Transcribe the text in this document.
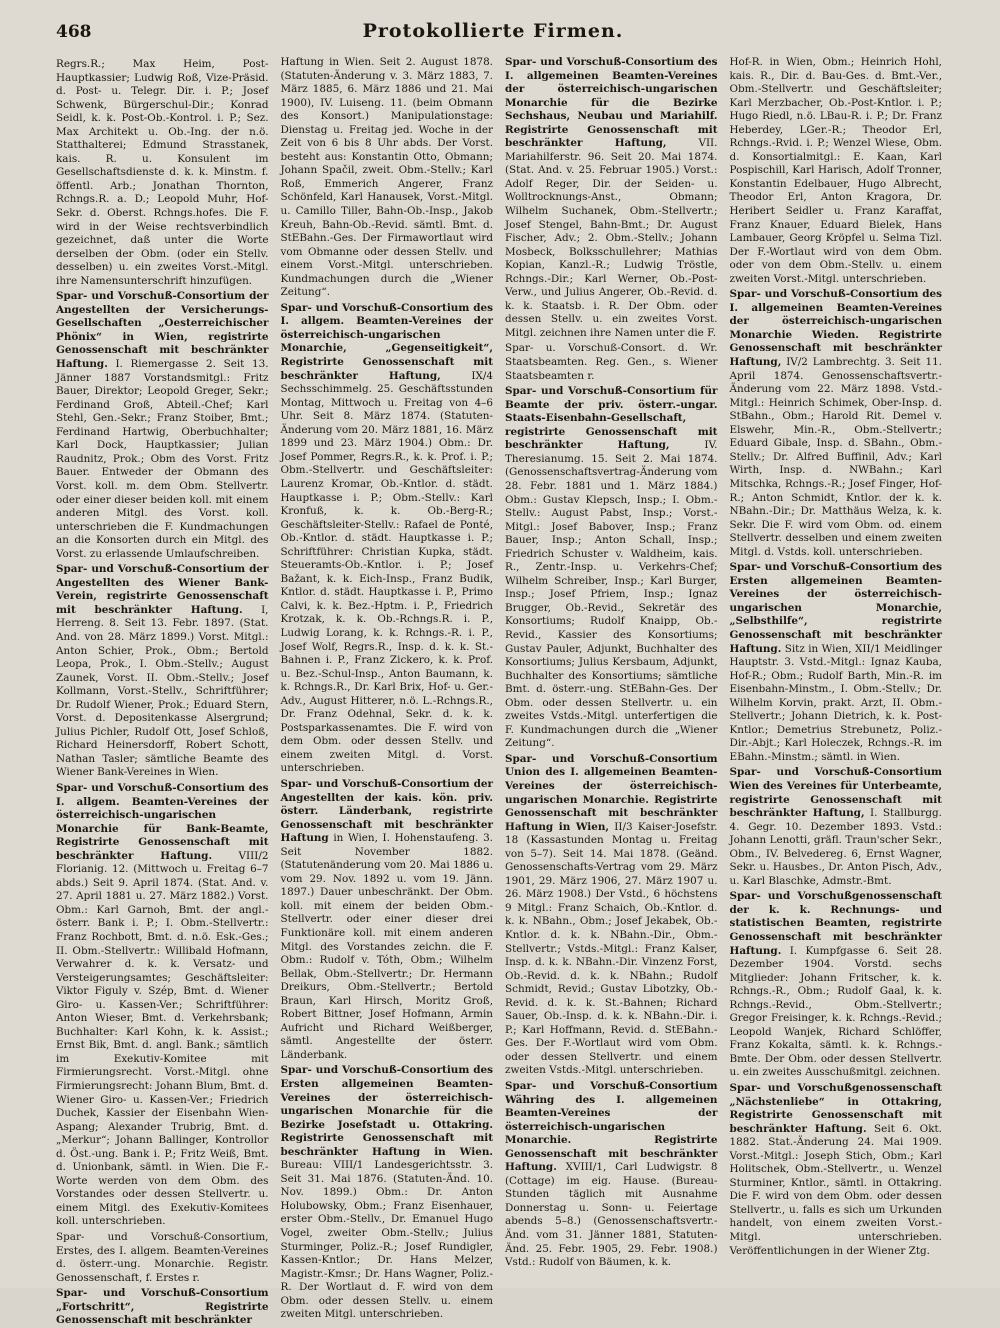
468	Protokollierte Firmen.

Regrs.R.; Max Heim, Post-Hauptkassier; Ludwig Roß, Vize-Präsid. d. Post- u. Telegr. Dir. i. P.; Josef Schwenk, Bürgerschul-Dir.; Konrad Seidl, k. k. Post-Ob.-Kontrol. i. P.; Sez. Max Architekt u. Ob.-Ing. der n.ö. Statthalterei; Edmund Strasstanek, kais. R. u. Konsulent im Gesellschaftsdienste d. k. k. Minstm. f. öffentl. Arb.; Jonathan Thornton, Rchngs.R. a. D.; Leopold Muhr, Hof-Sekr. d. Oberst. Rchngs.hofes. Die F. wird in der Weise rechtsverbindlich gezeichnet, daß unter die Worte derselben der Obm. (oder ein Stellv. desselben) u. ein zweites Vorst.-Mitgl. ihre Namensunterschrift hinzufügen.

Spar- und Vorschuß-Consortium der Angestellten der Versicherungs-Gesellschaften „Oesterreichischer Phönix“ in Wien, registrirte Genossenschaft mit beschränkter Haftung. I. Riemergasse 2. Seit 13. Jänner 1887 Vorstandsmitgl.: Fritz Bauer, Direktor; Leopold Greger, Sekr.; Ferdinand Groß, Abteil.-Chef; Karl Stehl, Gen.-Sekr.; Franz Stoiber, Bmt.; Ferdinand Hartwig, Oberbuchhalter; Karl Dock, Hauptkassier; Julian Raudnitz, Prok.; Obm des Vorst. Fritz Bauer. Entweder der Obmann des Vorst. koll. m. dem Obm. Stellvertr. oder einer dieser beiden koll. mit einem anderen Mitgl. des Vorst. koll. unterschrieben die F. Kundmachungen an die Konsorten durch ein Mitgl. des Vorst. zu erlassende Umlaufschreiben.

Spar- und Vorschuß-Consortium der Angestellten des Wiener Bank-Verein, registrirte Genossenschaft mit beschränkter Haftung. I, Herreng. 8. Seit 13. Febr. 1897. (Stat. And. von 28. März 1899.) Vorst. Mitgl.: Anton Schier, Prok., Obm.; Bertold Leopa, Prok., I. Obm.-Stellv.; August Zaunek, Vorst. II. Obm.-Stellv.; Josef Kollmann, Vorst.-Stellv., Schriftführer; Dr. Rudolf Wiener, Prok.; Eduard Stern, Vorst. d. Depositenkasse Alsergrund; Julius Pichler, Rudolf Ott, Josef Schloß, Richard Heinersdorff, Robert Schott, Nathan Tasler; sämtliche Beamte des Wiener Bank-Vereines in Wien.

Spar- und Vorschuß-Consortium des I. allgem. Beamten-Vereines der österreichisch-ungarischen Monarchie für Bank-Beamte, Registrirte Genossenschaft mit beschränkter Haftung.	VIII/2 Florianig. 12. (Mittwoch u. Freitag 6–7 abds.) Seit 9. April 1874. (Stat. And. v. 27. April 1881 u. 27. März 1882.) Vorst. Obm.: Karl Garnoh, Bmt. der angl.-österr. Bank i. P.; I. Obm.-Stellvertr.: Franz Rochbott, Bmt. d. n.ö. Esk.-Ges.; II. Obm.-Stellvertr.: Willibald Hofmann, Verwahrer d. k. k. Versatz- und Versteigerungsamtes; Geschäftsleiter: Viktor Figuly v. Szép, Bmt. d. Wiener Giro- u. Kassen-Ver.; Schriftführer: Anton Wieser, Bmt. d. Verkehrsbank; Buchhalter: Karl Kohn, k. k. Assist.; Ernst Bik, Bmt. d. angl. Bank.; sämtlich im Exekutiv-Komitee mit Firmierungsrecht. Vorst.-Mitgl. ohne Firmierungsrecht: Johann Blum, Bmt. d. Wiener Giro- u. Kassen-Ver.; Friedrich Duchek, Kassier der Eisenbahn Wien-Aspang; Alexander Trubrig, Bmt. d. „Merkur“; Johann Ballinger, Kontrollor d. Öst.-ung. Bank i. P.; Fritz Weiß, Bmt. d. Unionbank, sämtl. in Wien. Die F.-Worte werden von dem Obm. des Vorstandes oder dessen Stellvertr. u. einem Mitgl. des Exekutiv-Komitees koll. unterschrieben.

Spar- und Vorschuß-Consortium, Erstes, des I. allgem. Beamten-Vereines d. österr.-ung. Monarchie. Registr. Genossenschaft, f. Erstes r.

Spar- und Vorschuß-Consortium „Fortschritt“, Registrirte Genossenschaft mit beschränkter

Haftung in Wien. Seit 2. August 1878. (Statuten-Änderung v. 3. März 1883, 7. März 1885, 6. März 1886 und 21. Mai 1900), IV. Luiseng. 11. (beim Obmann des Konsort.) Manipulationstage: Dienstag u. Freitag jed. Woche in der Zeit von 6 bis 8 Uhr abds. Der Vorst. besteht aus: Konstantin Otto, Obmann; Johann Spačil, zweit. Obm.-Stellv.; Karl Roß, Emmerich Angerer, Franz Schönfeld, Karl Hanausek, Vorst.-Mitgl. u. Camillo Tiller, Bahn-Ob.-Insp., Jakob Kreuh, Bahn-Ob.-Revid. sämtl. Bmt. d. StEBahn.-Ges. Der Firmawortlaut wird vom Obmanne oder dessen Stellv. und einem Vorst.-Mitgl. unterschrieben. Kundmachungen durch die „Wiener Zeitung“.

Spar- und Vorschuß-Consortium des I. allgem. Beamten-Vereines der österreichisch-ungarischen Monarchie, „Gegenseitigkeit“, Registrirte Genossenschaft mit beschränkter Haftung,	IX/4 Sechsschimmelg. 25. Geschäftsstunden Montag, Mittwoch u. Freitag von 4–6 Uhr. Seit 8. März 1874. (Statuten-Änderung vom 20. März 1881, 16. März 1899 und 23. März 1904.) Obm.: Dr. Josef Pommer, Regrs.R., k. k. Prof. i. P.; Obm.-Stellvertr. und Geschäftsleiter: Laurenz Kromar, Ob.-Kntlor. d. städt. Hauptkasse i. P.; Obm.-Stellv.: Karl Kronfuß, k. k. Ob.-Berg-R.; Geschäftsleiter-Stellv.: Rafael de Ponté, Ob.-Kntlor. d. städt. Hauptkasse i. P.; Schriftführer: Christian Kupka, städt. Steueramts-Ob.-Kntlor. i. P.; Josef Bažant, k. k. Eich-Insp., Franz Budik, Kntlor. d. städt. Hauptkasse i. P., Primo Calvi, k. k. Bez.-Hptm. i. P., Friedrich Krotzak, k. k. Ob.-Rchngs.R. i. P., Ludwig Lorang, k. k. Rchngs.-R. i. P., Josef Wolf, Regrs.R., Insp. d. k. k. St.-Bahnen i. P., Franz Zickero, k. k. Prof. u. Bez.-Schul-Insp., Anton Baumann, k. k. Rchngs.R., Dr. Karl Brix, Hof- u. Ger.-Adv., August Hitterer, n.ö. L.-Rchngs.R., Dr. Franz Odehnal, Sekr. d. k. k. Postsparkassenamtes. Die F. wird von dem Obm. oder dessen Stellv. und einem zweiten Mitgl. d. Vorst. unterschrieben.

Spar- und Vorschuß-Consortium der Angestellten der kais. kön. priv. österr. Länderbank, registrirte Genossenschaft mit beschränkter Haftung in Wien, I. Hohenstaufeng. 3. Seit November 1882. (Statutenänderung vom 20. Mai 1886 u. vom 29. Nov. 1892 u. vom 19. Jänn. 1897.) Dauer unbeschränkt. Der Obm. koll. mit einem der beiden Obm.-Stellvertr. oder einer dieser drei Funktionäre koll. mit einem anderen Mitgl. des Vorstandes zeichn. die F. Obm.: Rudolf v. Tóth, Obm.; Wilhelm Bellak, Obm.-Stellvertr.; Dr. Hermann Dreikurs, Obm.-Stellvertr.; Bertold Braun, Karl Hirsch, Moritz Groß, Robert Bittner, Josef Hofmann, Armin Aufricht und Richard Weißberger, sämtl. Angestellte der österr. Länderbank.

Spar- und Vorschuß-Consortium des Ersten allgemeinen Beamten-Vereines der österreichisch-ungarischen Monarchie für die Bezirke Josefstadt u. Ottakring. Registrirte Genossenschaft mit beschränkter Haftung in Wien. Bureau: VIII/1 Landesgerichtsstr. 3. Seit 31. Mai 1876. (Statuten-Änd. 10. Nov. 1899.) Obm.: Dr. Anton Holubowsky, Obm.; Franz Eisenhauer, erster Obm.-Stellv., Dr. Emanuel Hugo Vogel, zweiter Obm.-Stellv.; Julius Sturminger, Poliz.-R.; Josef Rundigler, Kassen-Kntlor.; Dr. Hans Melzer, Magistr.-Kmsr.; Dr. Hans Wagner, Poliz.-R. Der Wortlaut d. F. wird von dem Obm. oder dessen Stellv. u. einem zweiten Mitgl. unterschrieben.

Spar- und Vorschuß-Consortium des I. allgemeinen Beamten-Vereines der österreichisch-ungarischen Monarchie für die Bezirke Sechshaus, Neubau und Mariahilf. Registrirte Genossenschaft mit beschränkter Haftung,	VII. Mariahilferstr. 96. Seit 20. Mai 1874. (Stat. And. v. 25. Februar 1905.) Vorst.: Adolf Reger, Dir. der Seiden- u. Wolltrocknungs-Anst., Obmann; Wilhelm Suchanek, Obm.-Stellvertr.; Josef Stengel, Bahn-Bmt.; Dr. August Fischer, Adv.; 2. Obm.-Stellv.; Johann Mosbeck, Bolksschullehrer; Mathias Kopian, Kanzl.-R.; Ludwig Tröstle, Rchngs.-Dir.; Karl Werner, Ob.-Post-Verw., und Julius Angerer, Ob.-Revid. d. k. k. Staatsb. i. R. Der Obm. oder dessen Stellv. u. ein zweites Vorst. Mitgl. zeichnen ihre Namen unter die F.

Spar- u. Vorschuß-Consort. d. Wr. Staatsbeamten. Reg. Gen., s. Wiener Staatsbeamten r.

Spar- und Vorschuß-Consortium für Beamte der priv. österr.-ungar. Staats-Eisenbahn-Gesellschaft, registrirte Genossenschaft mit beschränkter Haftung,	IV. Theresianumg. 15. Seit 2. Mai 1874. (Genossenschaftsvertrag-Änderung vom 28. Febr. 1881 und 1. März 1884.) Obm.: Gustav Klepsch, Insp.; I. Obm.-Stellv.: August Pabst, Insp.; Vorst.-Mitgl.: Josef Babover, Insp.; Franz Bauer, Insp.; Anton Schall, Insp.; Friedrich Schuster v. Waldheim, kais. R., Zentr.-Insp. u. Verkehrs-Chef; Wilhelm Schreiber, Insp.; Karl Burger, Insp.; Josef Pfriem, Insp.; Ignaz Brugger, Ob.-Revid., Sekretär des Konsortiums; Rudolf Knaipp, Ob.-Revid., Kassier des Konsortiums; Gustav Pauler, Adjunkt, Buchhalter des Konsortiums; Julius Kersbaum, Adjunkt, Buchhalter des Konsortiums; sämtliche Bmt. d. österr.-ung. StEBahn-Ges. Der Obm. oder dessen Stellvertr. u. ein zweites Vstds.-Mitgl. unterfertigen die F. Kundmachungen durch die „Wiener Zeitung“.

Spar- und Vorschuß-Consortium Union des I. allgemeinen Beamten-Vereines der österreichisch-ungarischen Monarchie. Registrirte Genossenschaft mit beschränkter Haftung in Wien, II/3 Kaiser-Josefstr. 18 (Kassastunden Montag u. Freitag von 5–7). Seit 14. Mai 1878. (Geänd. Genossenschafts-Vertrag vom 29. März 1901, 29. März 1906, 27. März 1907 u. 26. März 1908.) Der Vstd., 6 höchstens 9 Mitgl.: Franz Schaich, Ob.-Kntlor. d. k. k. NBahn., Obm.; Josef Jekabek, Ob.-Kntlor. d. k. k. NBahn.-Dir., Obm.-Stellvertr.; Vstds.-Mitgl.: Franz Kalser, Insp. d. k. k. NBahn.-Dir. Vinzenz Forst, Ob.-Revid. d. k. k. NBahn.; Rudolf Schmidt, Revid.; Gustav Libotzky, Ob.-Revid. d. k. k. St.-Bahnen; Richard Sauer, Ob.-Insp. d. k. k. NBahn.-Dir. i. P.; Karl Hoffmann, Revid. d. StEBahn.-Ges. Der F.-Wortlaut wird vom Obm. oder dessen Stellvertr. und einem zweiten Vstds.-Mitgl. unterschrieben.

Spar- und Vorschuß-Consortium Währing des I. allgemeinen Beamten-Vereines der österreichisch-ungarischen Monarchie. Registrirte Genossenschaft mit beschränkter Haftung. XVIII/1, Carl Ludwigstr. 8 (Cottage) im eig. Hause. (Bureau-Stunden täglich mit Ausnahme Donnerstag u. Sonn- u. Feiertage abends 5–8.) (Genossenschaftsvertr.-Änd. vom 31. Jänner 1881, Statuten-Änd. 25. Febr. 1905, 29. Febr. 1908.) Vstd.: Rudolf von Bäumen, k. k.

Hof-R. in Wien, Obm.; Heinrich Hohl, kais. R., Dir. d. Bau-Ges. d. Bmt.-Ver., Obm.-Stellvertr. und Geschäftsleiter; Karl Merzbacher, Ob.-Post-Kntlor. i. P.; Hugo Riedl, n.ö. LBau-R. i. P.; Dr. Franz Heberdey, LGer.-R.; Theodor Erl, Rchngs.-Rvid. i. P.; Wenzel Wiese, Obm. d. Konsortialmitgl.: E. Kaan, Karl Pospischill, Karl Harisch, Adolf Tronner, Konstantin Edelbauer, Hugo Albrecht, Theodor Erl, Anton Kragora, Dr. Heribert Seidler u. Franz Karaffat, Franz Knauer, Eduard Bielek, Hans Lambauer, Georg Kröpfel u. Selma Tizl. Der F.-Wortlaut wird von dem Obm. oder von dem Obm.-Stellv. u. einem zweiten Vorst.-Mitgl. unterschrieben.

Spar- und Vorschuß-Consortium des I. allgemeinen Beamten-Vereines der österreichisch-ungarischen Monarchie Wieden. Registrirte Genossenschaft mit beschränkter Haftung, IV/2 Lambrechtg. 3. Seit 11. April 1874. Genossenschaftsvertr.-Änderung vom 22. März 1898. Vstd.-Mitgl.: Heinrich Schimek, Ober-Insp. d. StBahn., Obm.; Harold Rit. Demel v. Elswehr, Min.-R., Obm.-Stellvertr.; Eduard Gibale, Insp. d. SBahn., Obm.-Stellv.; Dr. Alfred Buffinil, Adv.; Karl Wirth, Insp. d. NWBahn.; Karl Mitschka, Rchngs.-R.; Josef Finger, Hof-R.; Anton Schmidt, Kntlor. der k. k. NBahn.-Dir.; Dr. Matthäus Welza, k. k. Sekr. Die F. wird vom Obm. od. einem Stellvertr. desselben und einem zweiten Mitgl. d. Vstds. koll. unterschrieben.

Spar- und Vorschuß-Consortium des Ersten allgemeinen Beamten-Vereines der österreichisch-ungarischen Monarchie, „Selbsthilfe“, registrirte Genossenschaft mit beschränkter Haftung. Sitz in Wien, XII/1 Meidlinger Hauptstr. 3. Vstd.-Mitgl.: Ignaz Kauba, Hof-R.; Obm.; Rudolf Barth, Min.-R. im Eisenbahn-Minstm., I. Obm.-Stellv.; Dr. Wilhelm Korvin, prakt. Arzt, II. Obm.-Stellvertr.; Johann Dietrich, k. k. Post-Kntlor.; Demetrius Strebunetz, Poliz.-Dir.-Abjt.; Karl Holeczek, Rchngs.-R. im EBahn.-Minstm.; sämtl. in Wien.

Spar- und Vorschuß-Consortium Wien des Vereines für Unterbeamte, registrirte Genossenschaft mit beschränkter Haftung, I. Stallburgg. 4. Gegr. 10. Dezember 1893. Vstd.: Johann Lenotti, gräfl. Traun'scher Sekr., Obm., IV. Belvedereg. 6, Ernst Wagner, Sekr. u. Hausbes., Dr. Anton Pisch, Adv., u. Karl Blaschke, Admstr.-Bmt.

Spar- und Vorschußgenossenschaft der k. k. Rechnungs- und statistischen Beamten, registrirte Genossenschaft mit beschränkter Haftung. I. Kumpfgasse 6. Seit 28. Dezember 1904. Vorstd. sechs Mitglieder: Johann Fritscher, k. k. Rchngs.-R., Obm.; Rudolf Gaal, k. k. Rchngs.-Revid., Obm.-Stellvertr.; Gregor Freisinger, k. k. Rchngs.-Revid.; Leopold Wanjek, Richard Schlöffer, Franz Kokalta, sämtl. k. k. Rchngs.-Bmte. Der Obm. oder dessen Stellvertr. u. ein zweites Ausschußmitgl. zeichnen.

Spar- und Vorschußgenossenschaft „Nächstenliebe“ in Ottakring, Registrirte Genossenschaft mit beschränkter Haftung. Seit 6. Okt. 1882. Stat.-Änderung 24. Mai 1909. Vorst.-Mitgl.: Joseph Stich, Obm.; Karl Holitschek, Obm.-Stellvertr., u. Wenzel Sturminer, Kntlor., sämtl. in Ottakring. Die F. wird von dem Obm. oder dessen Stellvertr., u. falls es sich um Urkunden handelt, von einem zweiten Vorst.-Mitgl. unterschrieben. Veröffentlichungen in der Wiener Ztg.
